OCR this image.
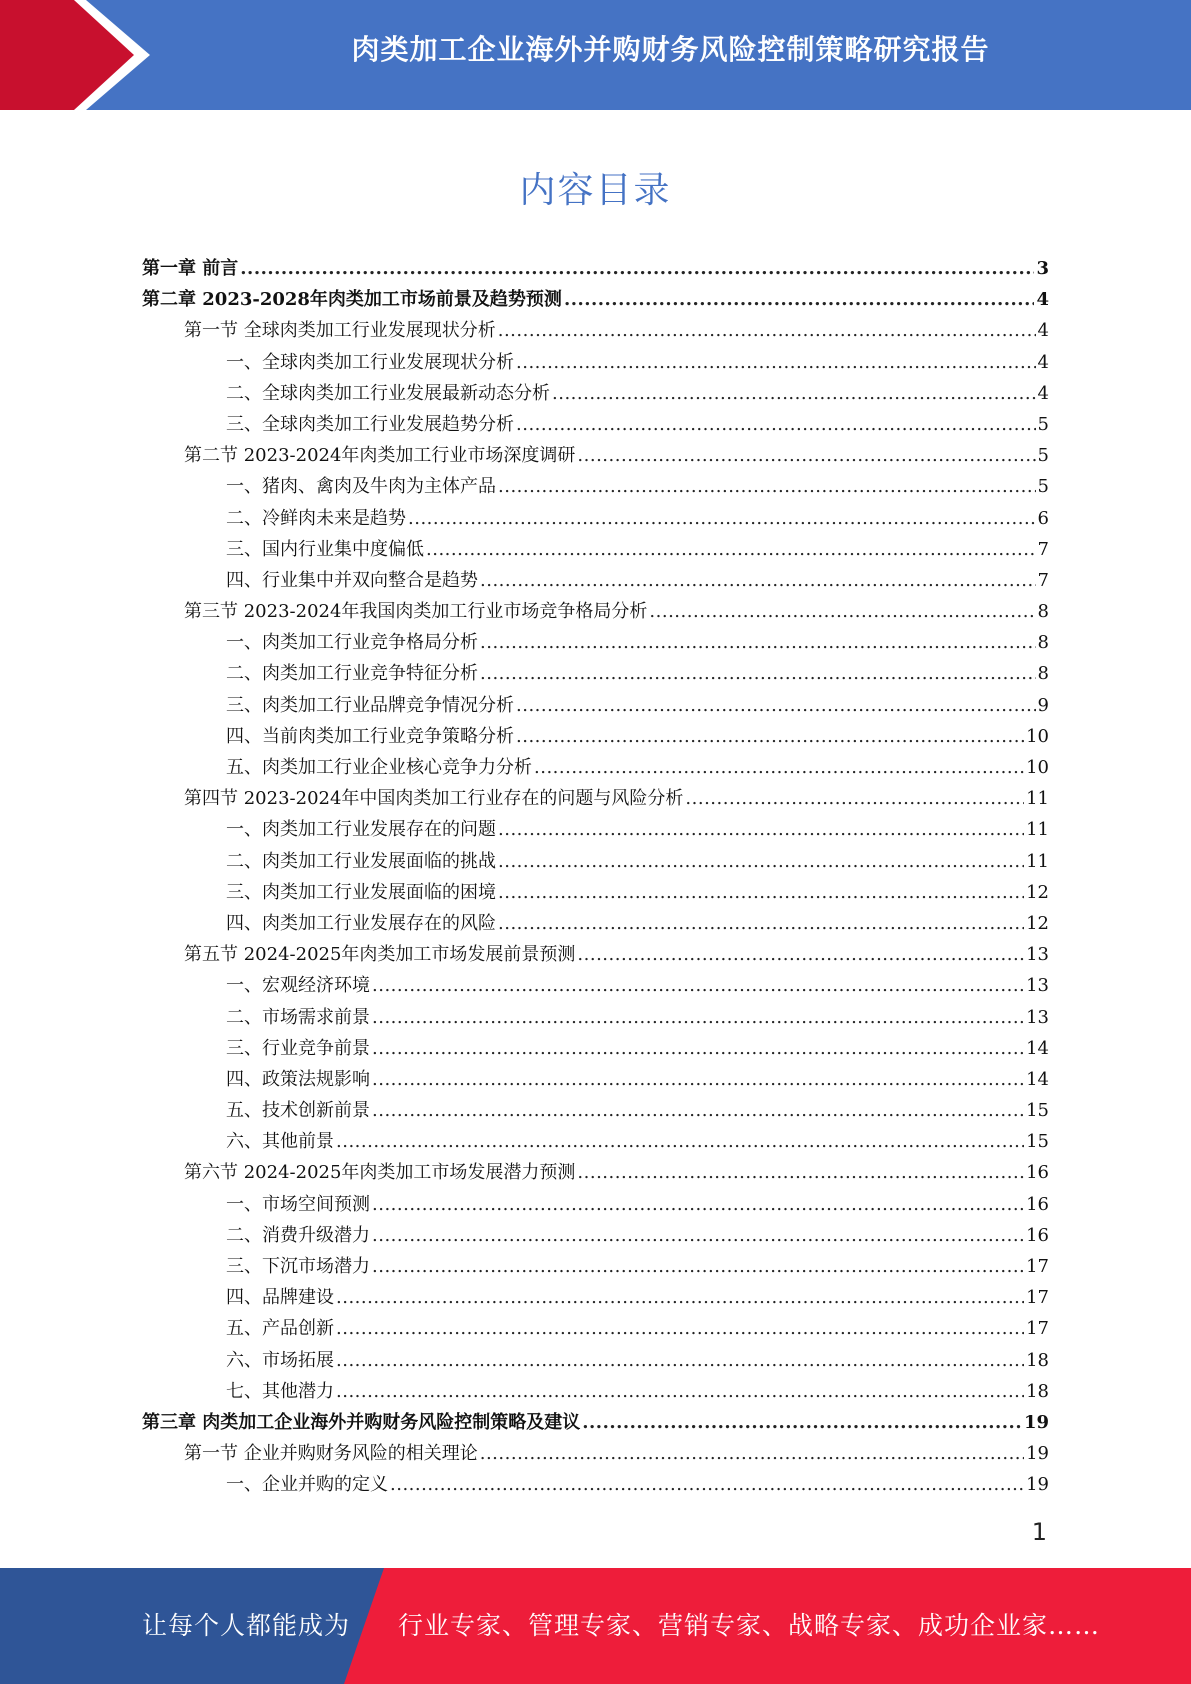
肉类加工企业海外并购财务风险控制策略研究报告
内容目录
第一章 前言 .....	3
第二章 2023-2028年肉类加工市场前景及趋势预测 .....	4
第一节 全球肉类加工行业发展现状分析 .....	4
一、全球肉类加工行业发展现状分析 .....	4
二、全球肉类加工行业发展最新动态分析 .....	4
三、全球肉类加工行业发展趋势分析 .....	5
第二节 2023-2024年肉类加工行业市场深度调研 .....	5
一、猪肉、禽肉及牛肉为主体产品 .....	5
二、冷鲜肉未来是趋势 .....	6
三、国内行业集中度偏低 .....	7
四、行业集中并双向整合是趋势 .....	7
第三节 2023-2024年我国肉类加工行业市场竞争格局分析 .....	8
一、肉类加工行业竞争格局分析 .....	8
二、肉类加工行业竞争特征分析 .....	8
三、肉类加工行业品牌竞争情况分析 .....	9
四、当前肉类加工行业竞争策略分析 .....	10
五、肉类加工行业企业核心竞争力分析 .....	10
第四节 2023-2024年中国肉类加工行业存在的问题与风险分析 .....	11
一、肉类加工行业发展存在的问题 .....	11
二、肉类加工行业发展面临的挑战 .....	11
三、肉类加工行业发展面临的困境 .....	12
四、肉类加工行业发展存在的风险 .....	12
第五节 2024-2025年肉类加工市场发展前景预测 .....	13
一、宏观经济环境 .....	13
二、市场需求前景 .....	13
三、行业竞争前景 .....	14
四、政策法规影响 .....	14
五、技术创新前景 .....	15
六、其他前景 .....	15
第六节 2024-2025年肉类加工市场发展潜力预测 .....	16
一、市场空间预测 .....	16
二、消费升级潜力 .....	16
三、下沉市场潜力 .....	17
四、品牌建设 .....	17
五、产品创新 .....	17
六、市场拓展 .....	18
七、其他潜力 .....	18
第三章 肉类加工企业海外并购财务风险控制策略及建议 .....	19
第一节 企业并购财务风险的相关理论 .....	19
一、企业并购的定义 .....	19
1
让每个人都能成为 行业专家、管理专家、营销专家、战略专家、成功企业家……
